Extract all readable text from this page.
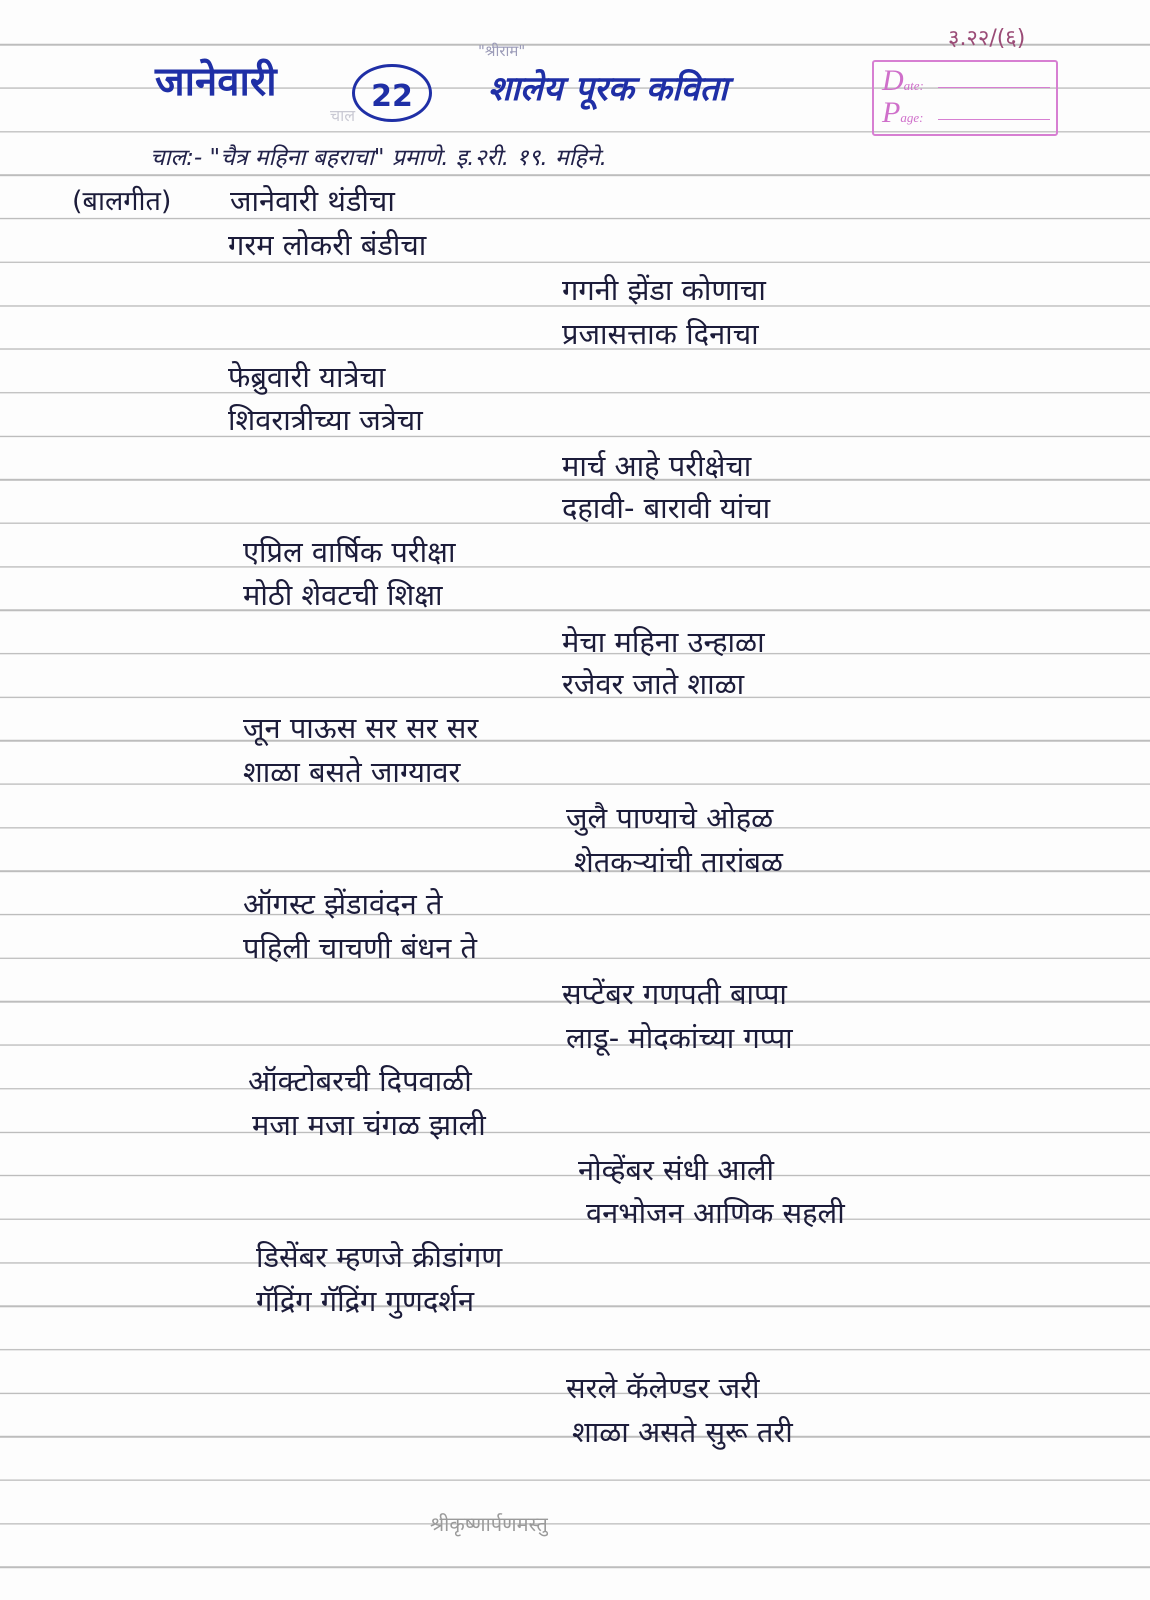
जानेवारी	22
चाल
"श्रीराम"
शालेय पूरक कविता
३.२२/(६)
Date:
Page:
चाल:- "चैत्र महिना बहराचा" प्रमाणे. इ.२री. १९. महिने.
(बालगीत) जानेवारी थंडीचा
गरम लोकरी बंडीचा
गगनी झेंडा कोणाचा
प्रजासत्ताक दिनाचा
फेब्रुवारी यात्रेचा
शिवरात्रीच्या जत्रेचा
मार्च आहे परीक्षेचा
दहावी- बारावी यांचा
एप्रिल वार्षिक परीक्षा
मोठी शेवटची शिक्षा
मेचा महिना उन्हाळा
रजेवर जाते शाळा
जून पाऊस सर सर सर
शाळा बसते जाग्यावर
जुलै पाण्याचे ओहळ
शेतकऱ्यांची तारांबळ
ऑगस्ट झेंडावंदन ते
पहिली चाचणी बंधन ते
सप्टेंबर गणपती बाप्पा
लाडू- मोदकांच्या गप्पा
ऑक्टोबरची दिपवाळी
मजा मजा चंगळ झाली
नोव्हेंबर संधी आली
वनभोजन आणिक सहली
डिसेंबर म्हणजे क्रीडांगण
गॅद्रिंग गॅद्रिंग गुणदर्शन
सरले कॅलेण्डर जरी
शाळा असते सुरू तरी
श्रीकृष्णार्पणमस्तु
